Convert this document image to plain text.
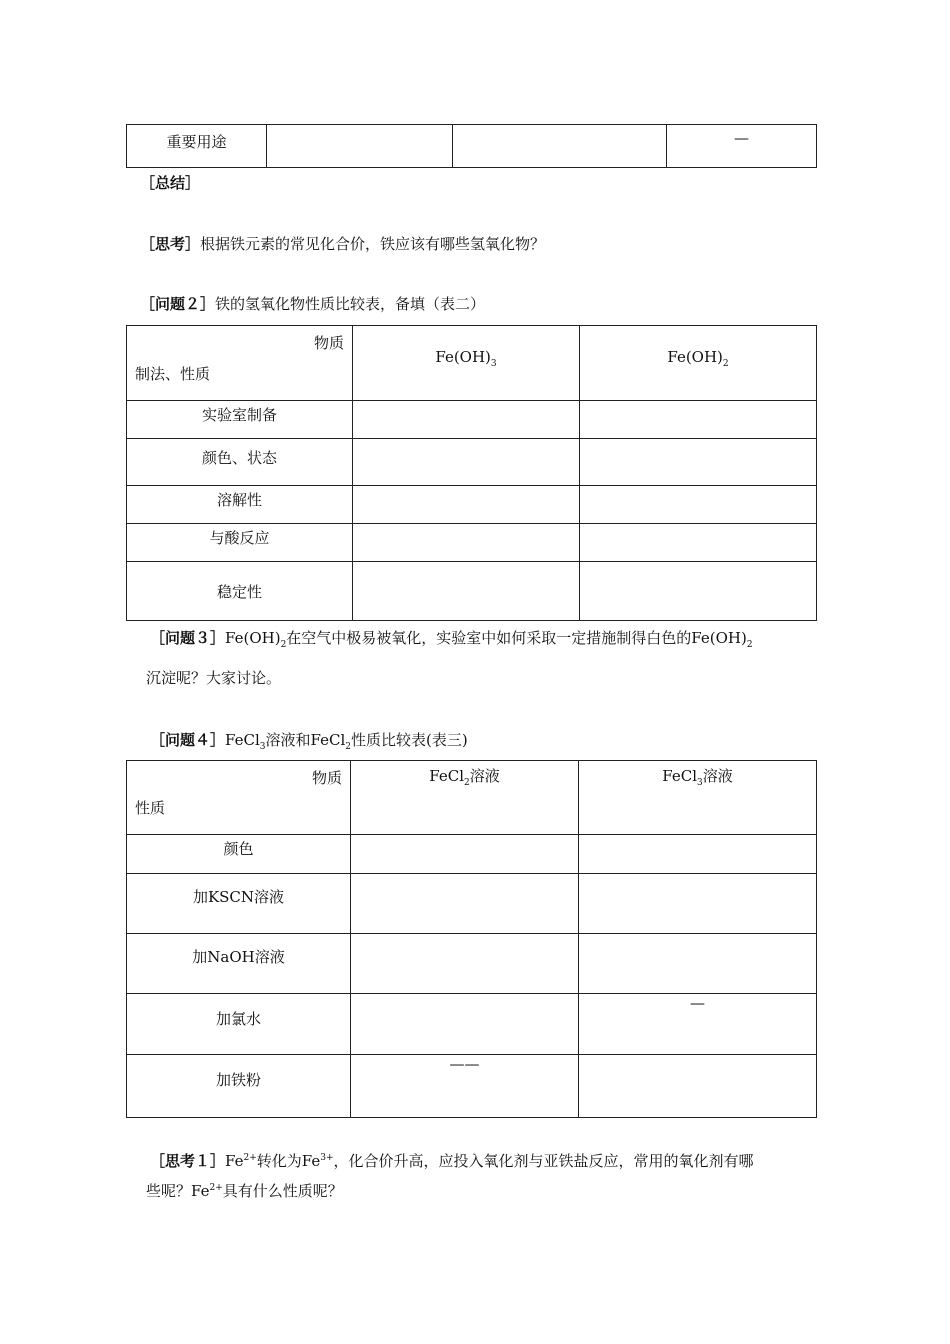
重要用途			—
［总结］
［思考］根据铁元素的常见化合价，铁应该有哪些氢氧化物？
［问题２］铁的氢氧化物性质比较表，备填（表二）
物质
制法、性质	$Fe(OH)_3$	$Fe(OH)_2$
实验室制备		
颜色、状态		
溶解性		
与酸反应		
稳定性		
［问题$3]Fe(OH)_2$在空气中极易被氧化，实验室中如何采取一定措施制得白色的$Fe(OH)_2$
沉淀呢？大家讨论。
［问题４］FeCl$_3$溶液和FeCl$_2$性质比较表(表三)
物质
性质	FeCl$_2$溶液	FeCl$_3$溶液
颜色		
加KSCN溶液		
加NaOH溶液		
加氯水		—
加铁粉	——	
［思考$1]Fe^{2+}$转化为$Fe^{3+}$，化合价升高，应投入氧化剂与亚铁盐反应，常用的氧化剂有哪
些呢？$Fe^{2+}$具有什么性质呢？
